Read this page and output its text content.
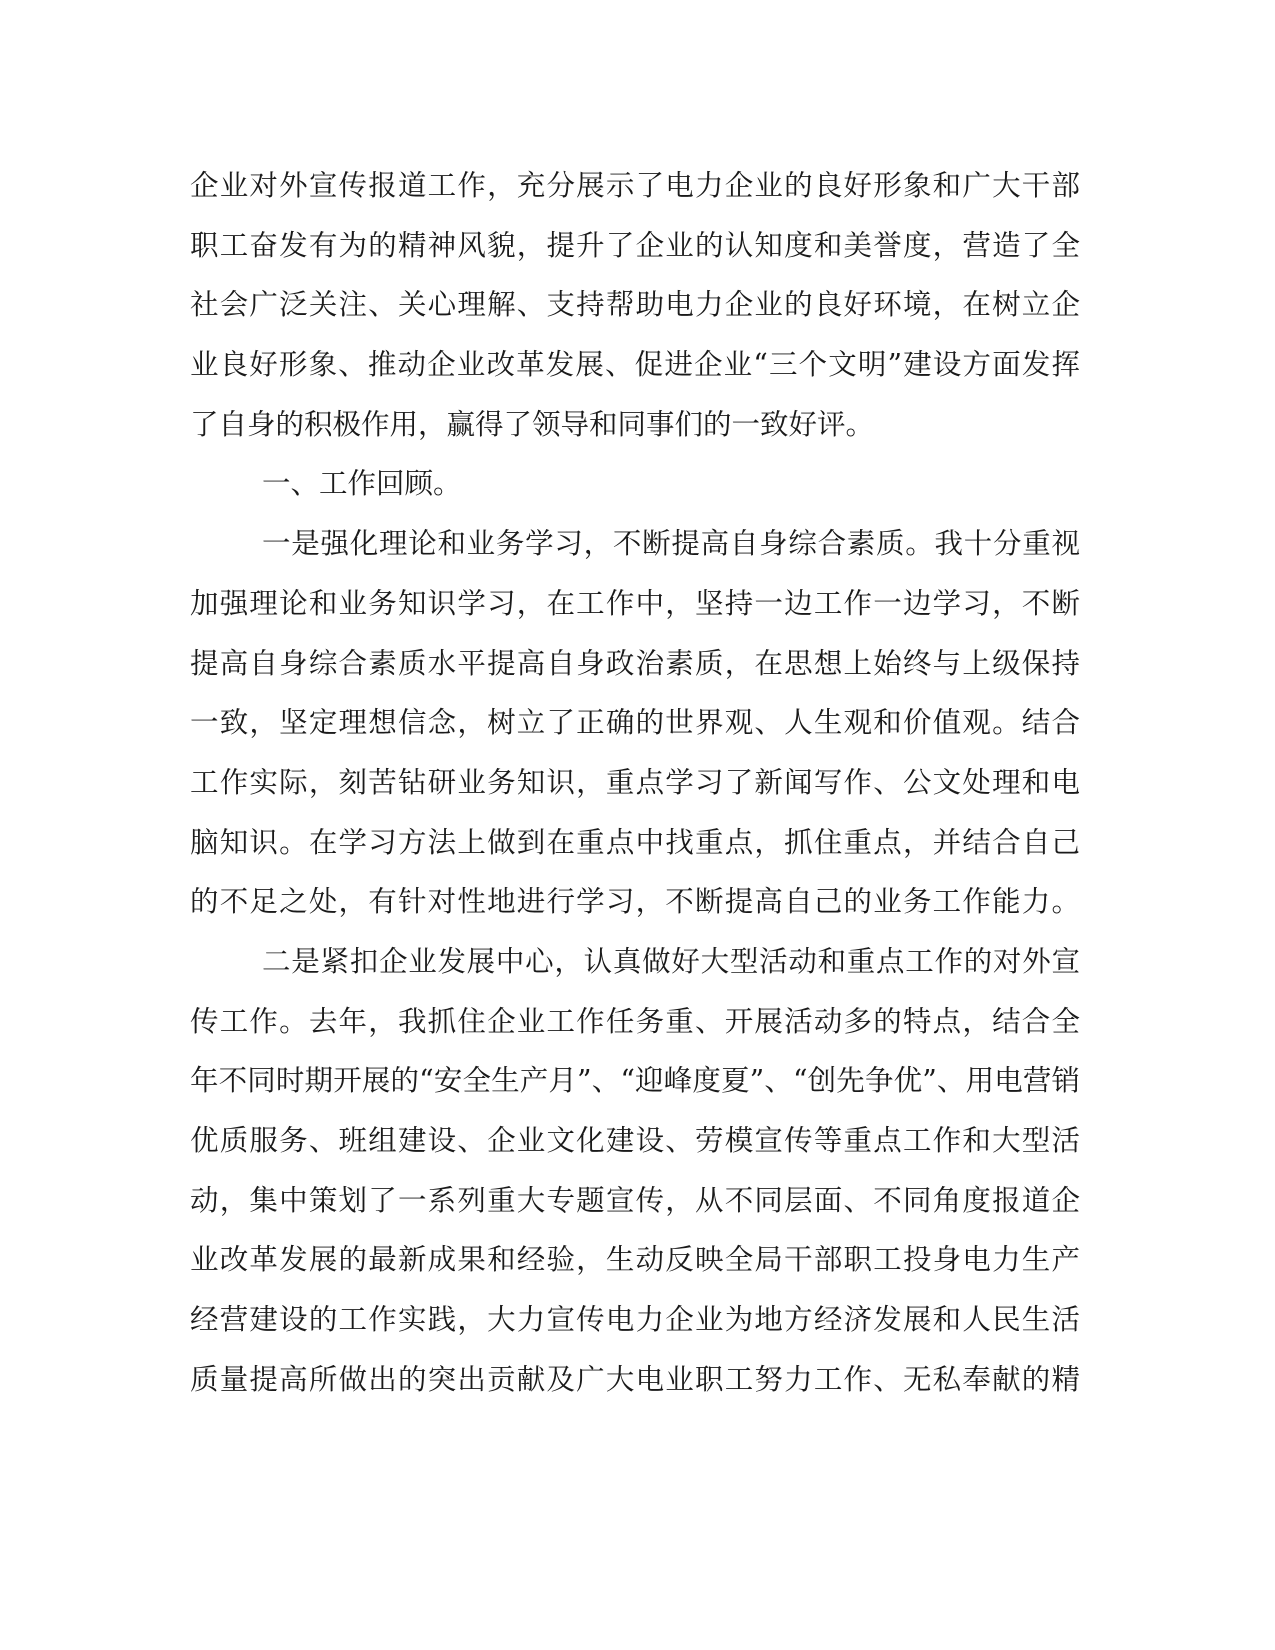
企业对外宣传报道工作，充分展示了电力企业的良好形象和广大干部
职工奋发有为的精神风貌，提升了企业的认知度和美誉度，营造了全
社会广泛关注、关心理解、支持帮助电力企业的良好环境，在树立企
业良好形象、推动企业改革发展、促进企业“三个文明”建设方面发挥
了自身的积极作用，赢得了领导和同事们的一致好评。
一、工作回顾。
一是强化理论和业务学习，不断提高自身综合素质。我十分重视
加强理论和业务知识学习，在工作中，坚持一边工作一边学习，不断
提高自身综合素质水平提高自身政治素质，在思想上始终与上级保持
一致，坚定理想信念，树立了正确的世界观、人生观和价值观。结合
工作实际，刻苦钻研业务知识，重点学习了新闻写作、公文处理和电
脑知识。在学习方法上做到在重点中找重点，抓住重点，并结合自己
的不足之处，有针对性地进行学习，不断提高自己的业务工作能力。
二是紧扣企业发展中心，认真做好大型活动和重点工作的对外宣
传工作。去年，我抓住企业工作任务重、开展活动多的特点，结合全
年不同时期开展的“安全生产月”、“迎峰度夏”、“创先争优”、用电营销
优质服务、班组建设、企业文化建设、劳模宣传等重点工作和大型活
动，集中策划了一系列重大专题宣传，从不同层面、不同角度报道企
业改革发展的最新成果和经验，生动反映全局干部职工投身电力生产
经营建设的工作实践，大力宣传电力企业为地方经济发展和人民生活
质量提高所做出的突出贡献及广大电业职工努力工作、无私奉献的精
